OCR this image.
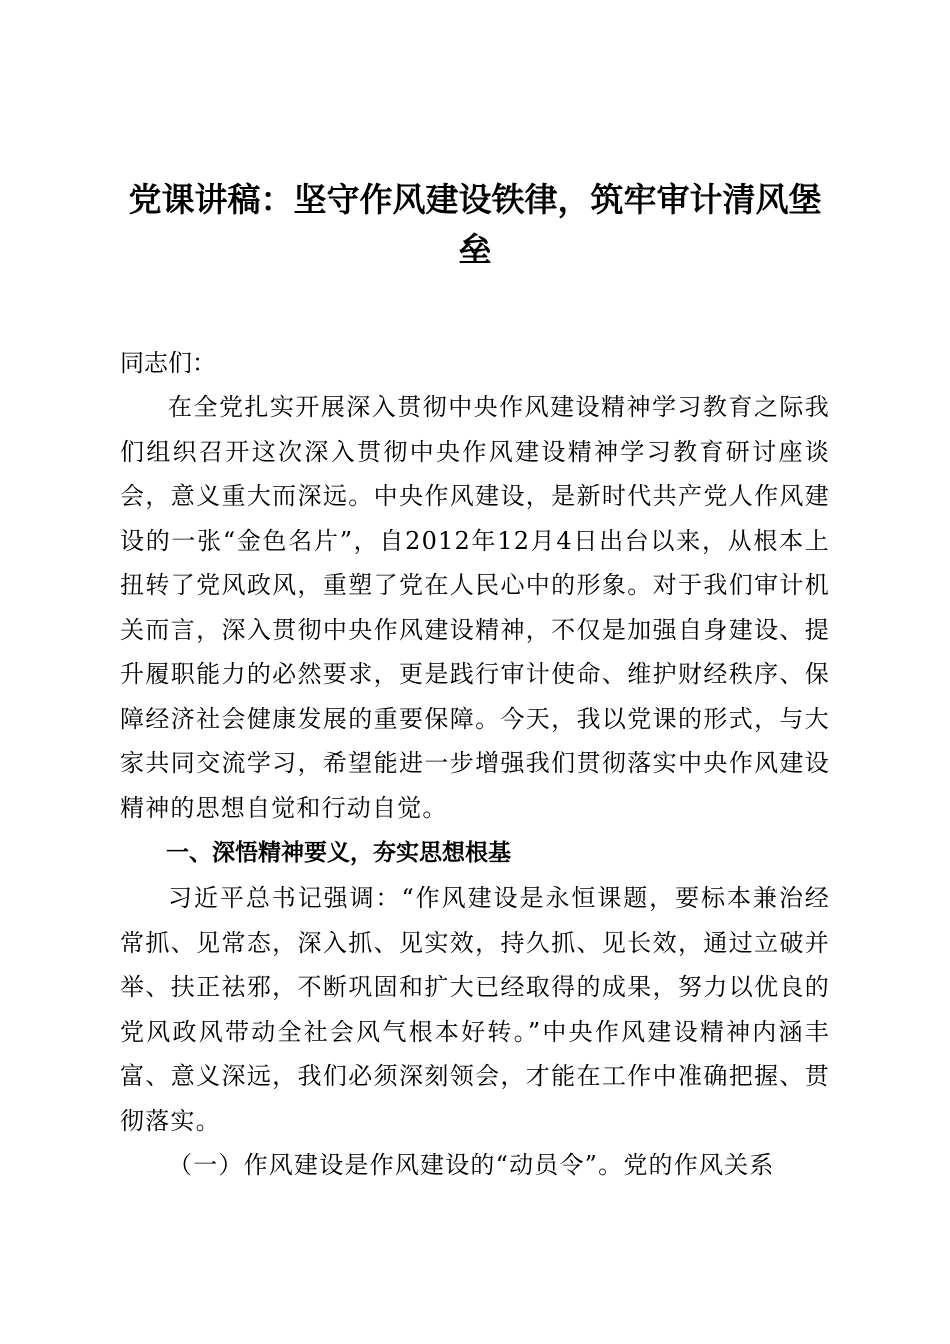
党课讲稿：坚守作风建设铁律，筑牢审计清风堡垒

同志们：

在全党扎实开展深入贯彻中央作风建设精神学习教育之际我们组织召开这次深入贯彻中央作风建设精神学习教育研讨座谈会，意义重大而深远。中央作风建设，是新时代共产党人作风建设的一张“金色名片”，自2012年12月4日出台以来，从根本上扭转了党风政风，重塑了党在人民心中的形象。对于我们审计机关而言，深入贯彻中央作风建设精神，不仅是加强自身建设、提升履职能力的必然要求，更是践行审计使命、维护财经秩序、保障经济社会健康发展的重要保障。今天，我以党课的形式，与大家共同交流学习，希望能进一步增强我们贯彻落实中央作风建设精神的思想自觉和行动自觉。

一、深悟精神要义，夯实思想根基

习近平总书记强调：“作风建设是永恒课题，要标本兼治经常抓、见常态，深入抓、见实效，持久抓、见长效，通过立破并举、扶正祛邪，不断巩固和扩大已经取得的成果，努力以优良的党风政风带动全社会风气根本好转。”中央作风建设精神内涵丰富、意义深远，我们必须深刻领会，才能在工作中准确把握、贯彻落实。

（一）作风建设是作风建设的“动员令”。党的作风关系
